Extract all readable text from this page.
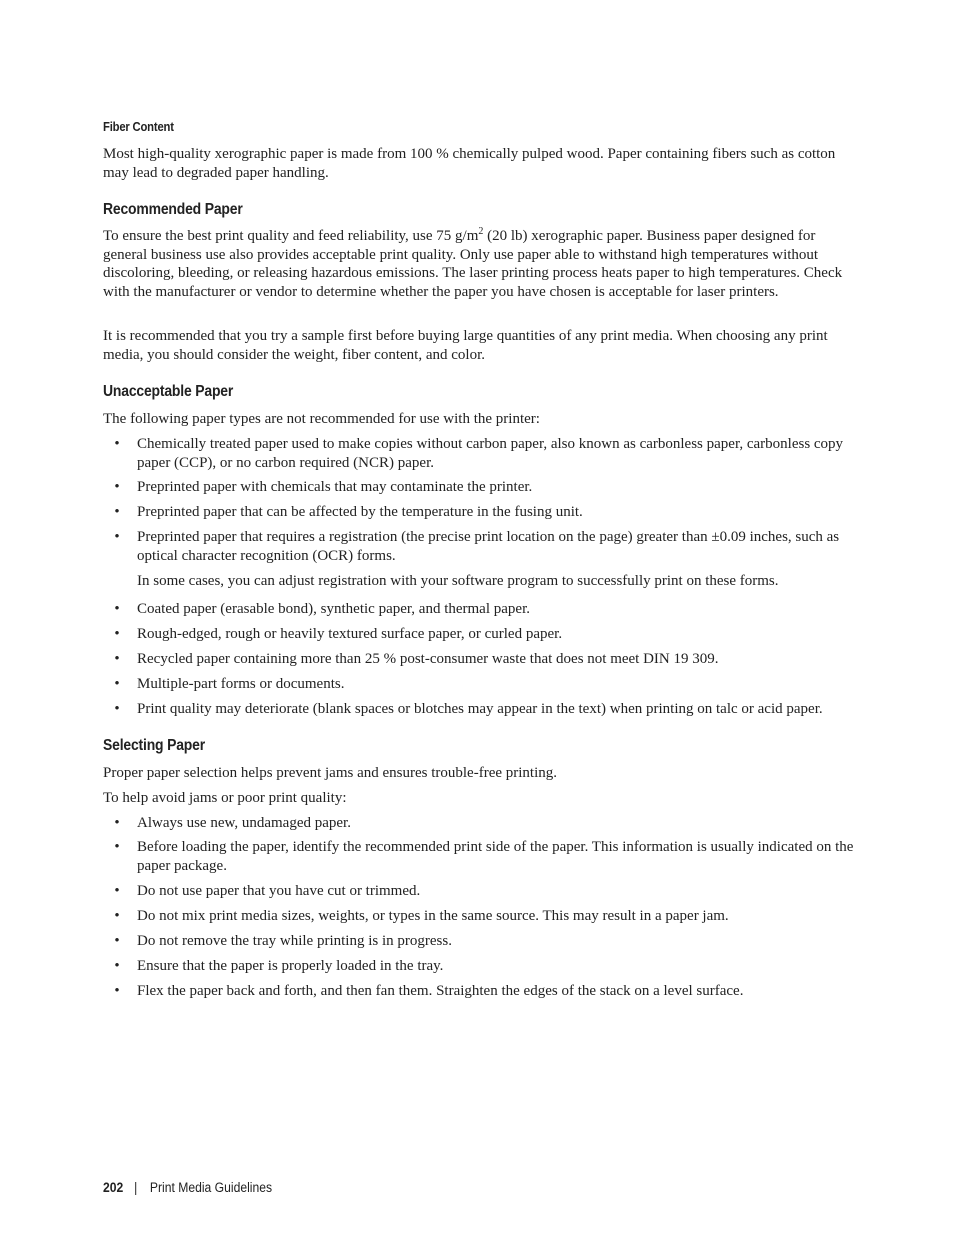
Fiber Content
Most high-quality xerographic paper is made from 100 % chemically pulped wood. Paper containing fibers such as cotton may lead to degraded paper handling.
Recommended Paper
To ensure the best print quality and feed reliability, use 75 $g/m^2$ (20 lb) xerographic paper. Business paper designed for general business use also provides acceptable print quality. Only use paper able to withstand high temperatures without discoloring, bleeding, or releasing hazardous emissions. The laser printing process heats paper to high temperatures. Check with the manufacturer or vendor to determine whether the paper you have chosen is acceptable for laser printers.
It is recommended that you try a sample first before buying large quantities of any print media. When choosing any print media, you should consider the weight, fiber content, and color.
Unacceptable Paper
The following paper types are not recommended for use with the printer:
• Chemically treated paper used to make copies without carbon paper, also known as carbonless paper, carbonless copy paper (CCP), or no carbon required (NCR) paper.
• Preprinted paper with chemicals that may contaminate the printer.
• Preprinted paper that can be affected by the temperature in the fusing unit.
• Preprinted paper that requires a registration (the precise print location on the page) greater than ±0.09 inches, such as optical character recognition (OCR) forms.
In some cases, you can adjust registration with your software program to successfully print on these forms.
• Coated paper (erasable bond), synthetic paper, and thermal paper.
• Rough-edged, rough or heavily textured surface paper, or curled paper.
• Recycled paper containing more than 25 % post-consumer waste that does not meet DIN 19 309.
• Multiple-part forms or documents.
• Print quality may deteriorate (blank spaces or blotches may appear in the text) when printing on talc or acid paper.
Selecting Paper
Proper paper selection helps prevent jams and ensures trouble-free printing.
To help avoid jams or poor print quality:
• Always use new, undamaged paper.
• Before loading the paper, identify the recommended print side of the paper. This information is usually indicated on the paper package.
• Do not use paper that you have cut or trimmed.
• Do not mix print media sizes, weights, or types in the same source. This may result in a paper jam.
• Do not remove the tray while printing is in progress.
• Ensure that the paper is properly loaded in the tray.
• Flex the paper back and forth, and then fan them. Straighten the edges of the stack on a level surface.
202 | Print Media Guidelines
